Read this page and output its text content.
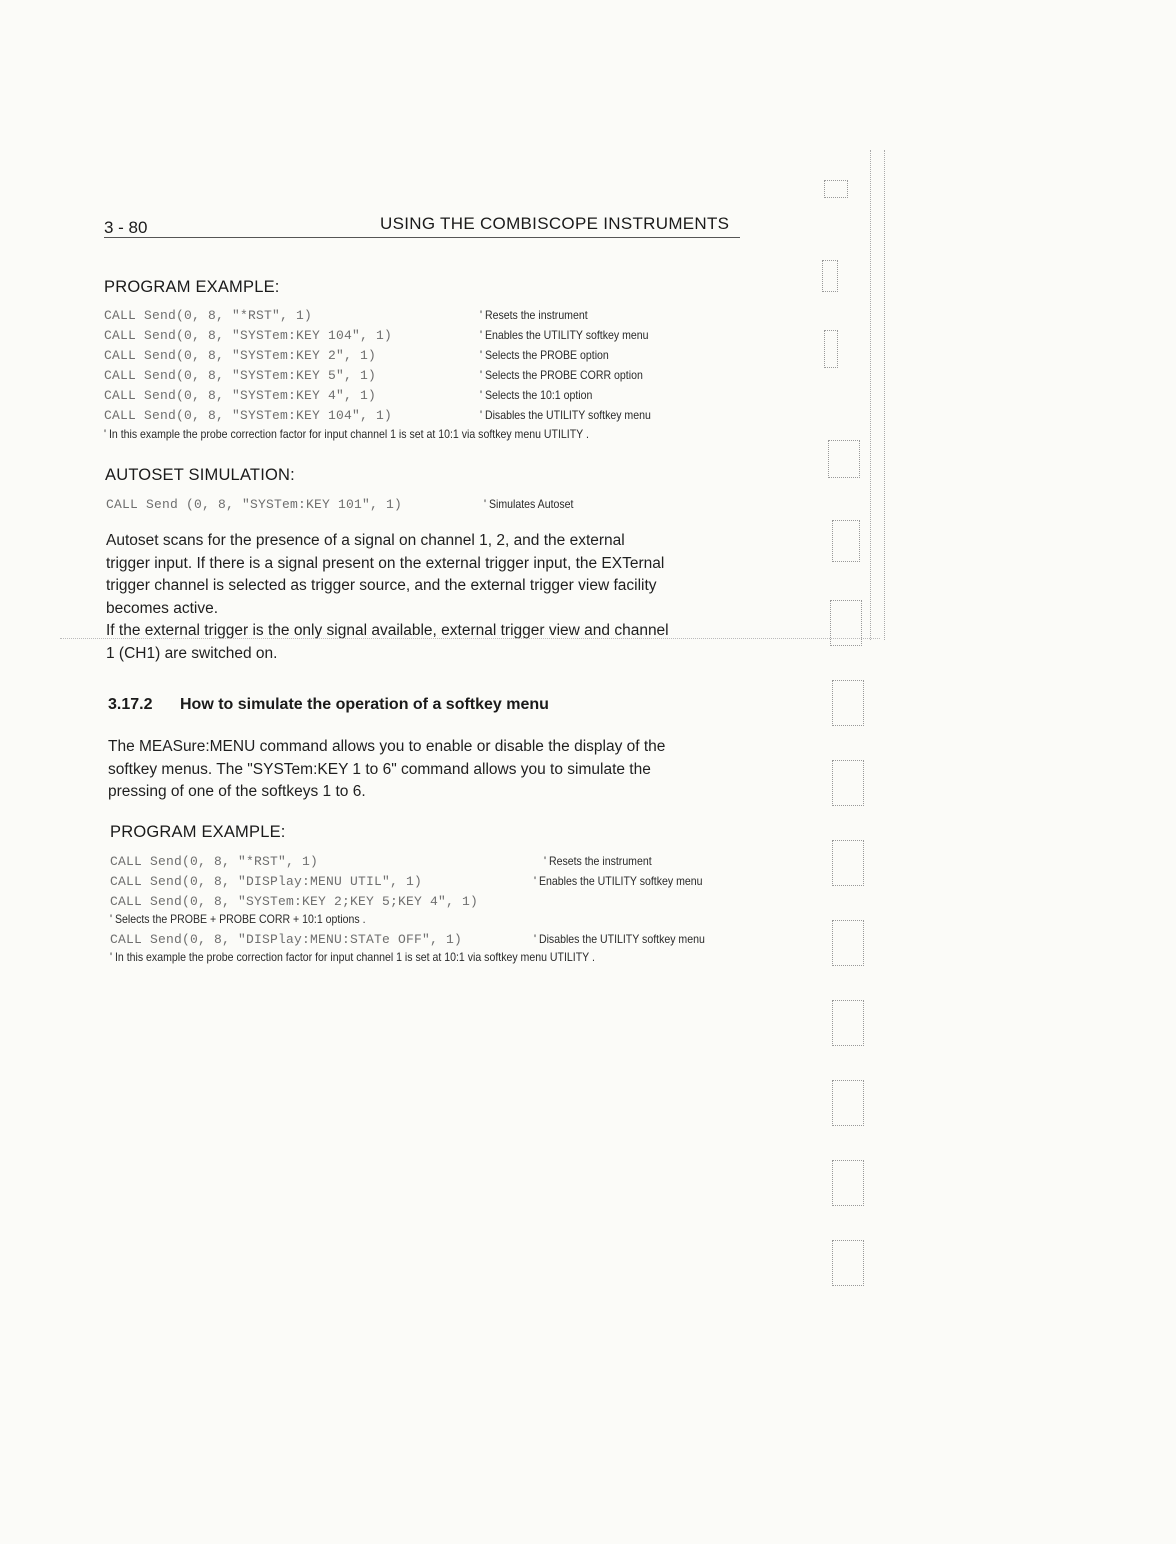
3 - 80	USING THE COMBISCOPE INSTRUMENTS
PROGRAM EXAMPLE:
CALL Send(0, 8, "*RST", 1)	' Resets the instrument
CALL Send(0, 8, "SYSTem:KEY 104", 1)	' Enables the UTILITY softkey menu
CALL Send(0, 8, "SYSTem:KEY 2", 1)	' Selects the PROBE option
CALL Send(0, 8, "SYSTem:KEY 5", 1)	' Selects the PROBE CORR option
CALL Send(0, 8, "SYSTem:KEY 4", 1)	' Selects the 10:1 option
CALL Send(0, 8, "SYSTem:KEY 104", 1)	' Disables the UTILITY softkey menu
' In this example the probe correction factor for input channel 1 is set at 10:1 via softkey menu UTILITY .
AUTOSET SIMULATION:
CALL Send (0, 8, "SYSTem:KEY 101", 1)	' Simulates Autoset
Autoset scans for the presence of a signal on channel 1, 2, and the external
trigger input. If there is a signal present on the external trigger input, the EXTernal
trigger channel is selected as trigger source, and the external trigger view facility
becomes active.
If the external trigger is the only signal available, external trigger view and channel
1 (CH1) are switched on.
3.17.2 How to simulate the operation of a softkey menu
The MEASure:MENU command allows you to enable or disable the display of the
softkey menus. The "SYSTem:KEY 1 to 6" command allows you to simulate the
pressing of one of the softkeys 1 to 6.
PROGRAM EXAMPLE:
CALL Send(0, 8, "*RST", 1)	' Resets the instrument
CALL Send(0, 8, "DISPlay:MENU UTIL", 1)	' Enables the UTILITY softkey menu
CALL Send(0, 8, "SYSTem:KEY 2;KEY 5;KEY 4", 1)
' Selects the PROBE + PROBE CORR + 10:1 options .
CALL Send(0, 8, "DISPlay:MENU:STATe OFF", 1)	' Disables the UTILITY softkey menu
' In this example the probe correction factor for input channel 1 is set at 10:1 via softkey menu UTILITY .
